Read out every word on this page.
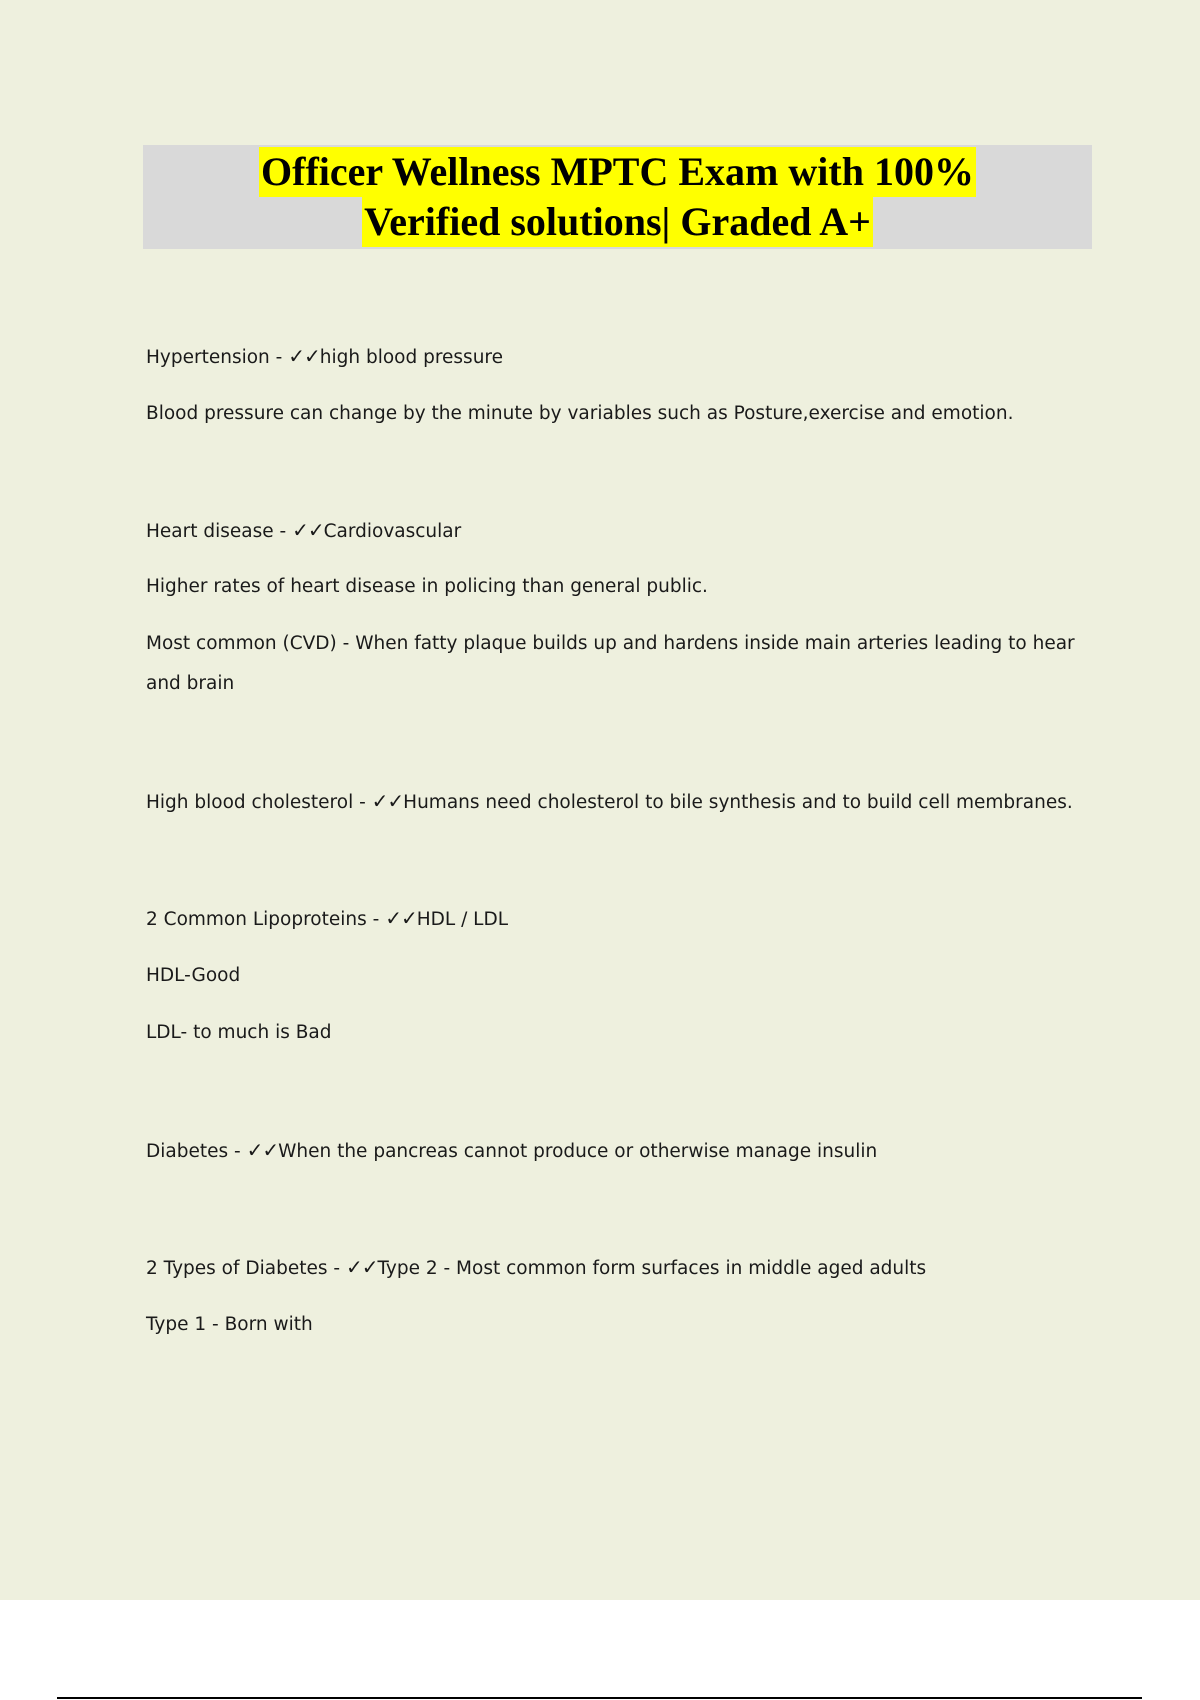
Officer Wellness MPTC Exam with 100%
Verified solutions| Graded A+

Hypertension - ✓✓high blood pressure

Blood pressure can change by the minute by variables such as Posture,exercise and emotion.

Heart disease - ✓✓Cardiovascular

Higher rates of heart disease in policing than general public.

Most common (CVD) - When fatty plaque builds up and hardens inside main arteries leading to hear and brain

High blood cholesterol - ✓✓Humans need cholesterol to bile synthesis and to build cell membranes.

2 Common Lipoproteins - ✓✓HDL / LDL

HDL-Good

LDL- to much is Bad

Diabetes - ✓✓When the pancreas cannot produce or otherwise manage insulin

2 Types of Diabetes - ✓✓Type 2 - Most common form surfaces in middle aged adults

Type 1 - Born with
